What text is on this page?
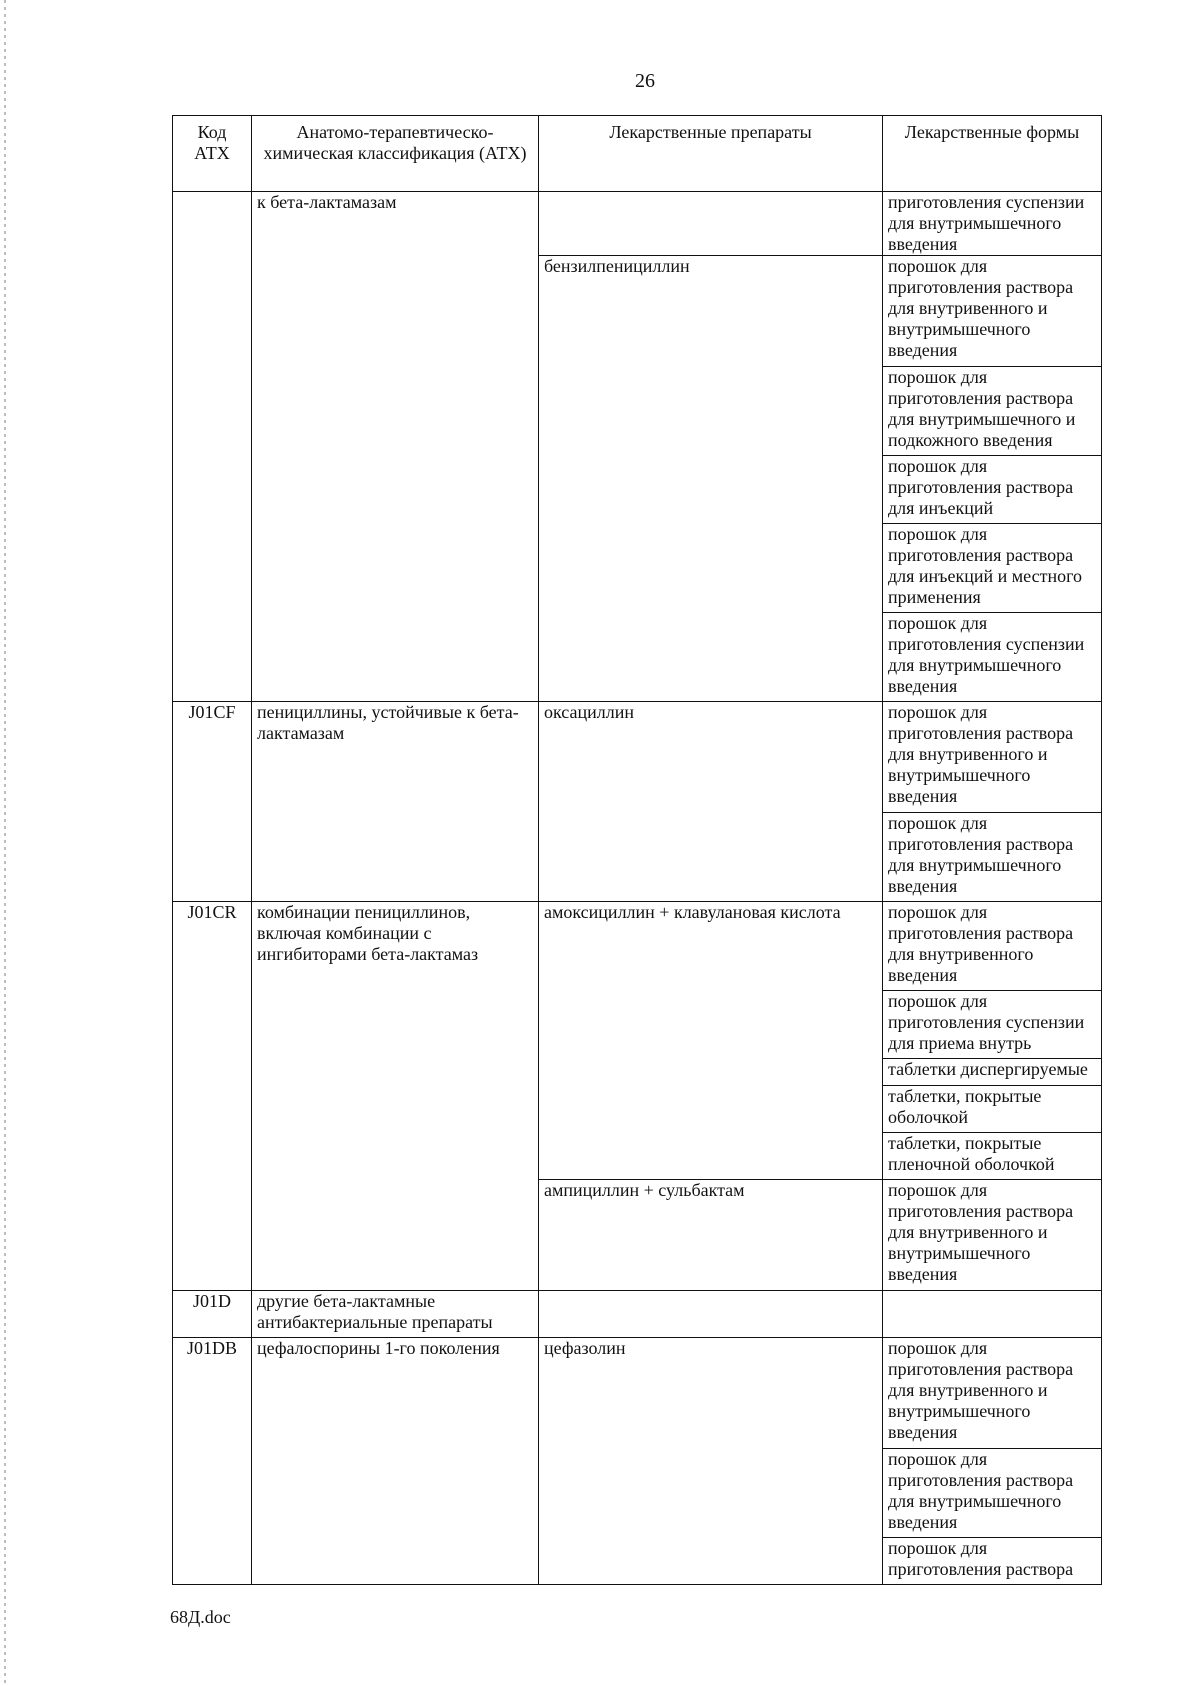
26
Код АТХ	Анатомо-терапевтическо-химическая классификация (АТХ)	Лекарственные препараты	Лекарственные формы
	к бета-лактамазам		приготовления суспензии для внутримышечного введения
		бензилпенициллин	порошок для приготовления раствора для внутривенного и внутримышечного введения
			порошок для приготовления раствора для внутримышечного и подкожного введения
			порошок для приготовления раствора для инъекций
			порошок для приготовления раствора для инъекций и местного применения
			порошок для приготовления суспензии для внутримышечного введения
J01CF	пенициллины, устойчивые к бета-лактамазам	оксациллин	порошок для приготовления раствора для внутривенного и внутримышечного введения
			порошок для приготовления раствора для внутримышечного введения
J01CR	комбинации пенициллинов, включая комбинации с ингибиторами бета-лактамаз	амоксициллин + клавулановая кислота	порошок для приготовления раствора для внутривенного введения
			порошок для приготовления суспензии для приема внутрь
			таблетки диспергируемые
			таблетки, покрытые оболочкой
			таблетки, покрытые пленочной оболочкой
		ампициллин + сульбактам	порошок для приготовления раствора для внутривенного и внутримышечного введения
J01D	другие бета-лактамные антибактериальные препараты		
J01DB	цефалоспорины 1-го поколения	цефазолин	порошок для приготовления раствора для внутривенного и внутримышечного введения
			порошок для приготовления раствора для внутримышечного введения
			порошок для приготовления раствора
68Д.doc
